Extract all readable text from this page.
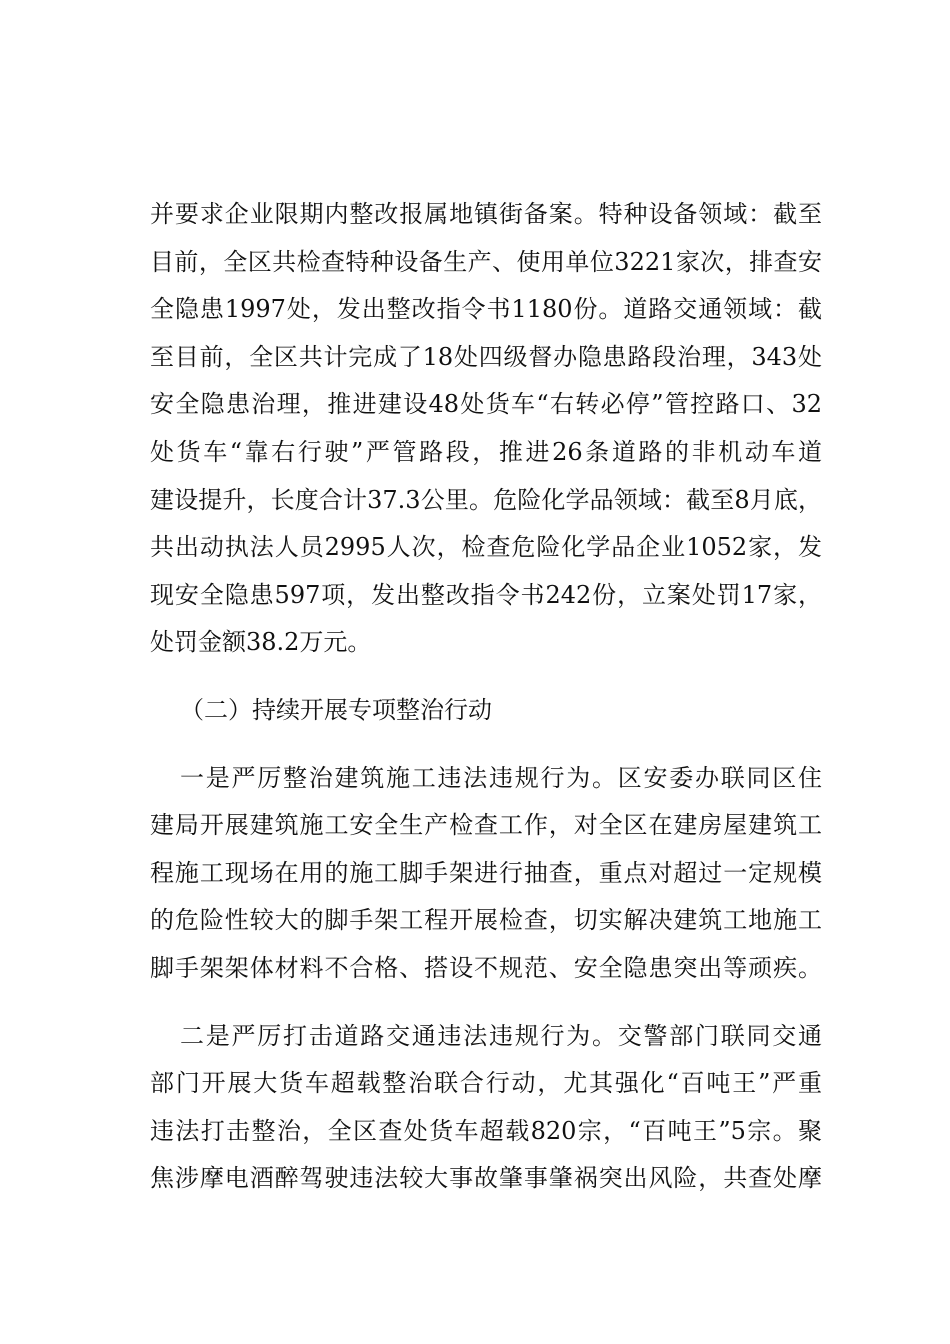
并要求企业限期内整改报属地镇街备案。特种设备领域：截至
目前，全区共检查特种设备生产、使用单位3221家次，排查安
全隐患1997处，发出整改指令书1180份。道路交通领域：截
至目前，全区共计完成了18处四级督办隐患路段治理，343处
安全隐患治理，推进建设48处货车“右转必停”管控路口、32
处货车“靠右行驶”严管路段，推进26条道路的非机动车道
建设提升，长度合计37.3公里。危险化学品领域：截至8月底，
共出动执法人员2995人次，检查危险化学品企业1052家，发
现安全隐患597项，发出整改指令书242份，立案处罚17家，
处罚金额38.2万元。
（二）持续开展专项整治行动
一是严厉整治建筑施工违法违规行为。区安委办联同区住
建局开展建筑施工安全生产检查工作，对全区在建房屋建筑工
程施工现场在用的施工脚手架进行抽查，重点对超过一定规模
的危险性较大的脚手架工程开展检查，切实解决建筑工地施工
脚手架架体材料不合格、搭设不规范、安全隐患突出等顽疾。
二是严厉打击道路交通违法违规行为。交警部门联同交通
部门开展大货车超载整治联合行动，尤其强化“百吨王”严重
违法打击整治，全区查处货车超载820宗，“百吨王”5宗。聚
焦涉摩电酒醉驾驶违法较大事故肇事肇祸突出风险，共查处摩
